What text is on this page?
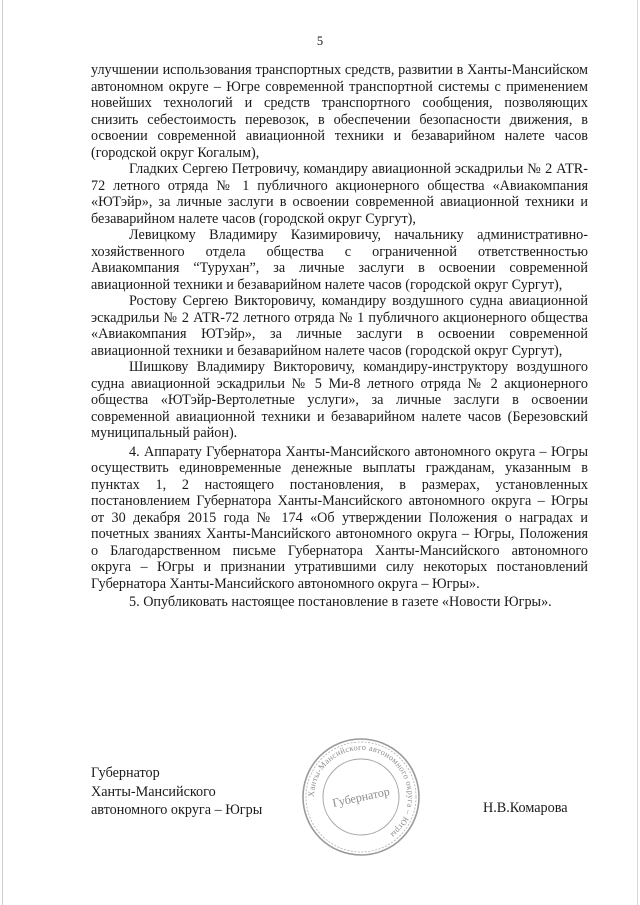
5

улучшении использования транспортных средств, развитии в Ханты-Мансийском автономном округе – Югре современной транспортной системы с применением новейших технологий и средств транспортного сообщения, позволяющих снизить себестоимость перевозок, в обеспечении безопасности движения, в освоении современной авиационной техники и безаварийном налете часов (городской округ Когалым),

Гладких Сергею Петровичу, командиру авиационной эскадрильи № 2 АТR-72 летного отряда № 1 публичного акционерного общества «Авиакомпания «ЮТэйр», за личные заслуги в освоении современной авиационной техники и безаварийном налете часов (городской округ Сургут),

Левицкому Владимиру Казимировичу, начальнику административно-хозяйственного отдела общества с ограниченной ответственностью Авиакомпания “Турухан”, за личные заслуги в освоении современной авиационной техники и безаварийном налете часов (городской округ Сургут),

Ростову Сергею Викторовичу, командиру воздушного судна авиационной эскадрильи № 2 АТR-72 летного отряда № 1 публичного акционерного общества «Авиакомпания ЮТэйр», за личные заслуги в освоении современной авиационной техники и безаварийном налете часов (городской округ Сургут),

Шишкову Владимиру Викторовичу, командиру-инструктору воздушного судна авиационной эскадрильи № 5 Ми-8 летного отряда № 2 акционерного общества «ЮТэйр-Вертолетные услуги», за личные заслуги в освоении современной авиационной техники и безаварийном налете часов (Березовский муниципальный район).

4. Аппарату Губернатора Ханты-Мансийского автономного округа – Югры осуществить единовременные денежные выплаты гражданам, указанным в пунктах 1, 2 настоящего постановления, в размерах, установленных постановлением Губернатора Ханты-Мансийского автономного округа – Югры от 30 декабря 2015 года № 174 «Об утверждении Положения о наградах и почетных званиях Ханты-Мансийского автономного округа – Югры, Положения о Благодарственном письме Губернатора Ханты-Мансийского автономного округа – Югры и признании утратившими силу некоторых постановлений Губернатора Ханты-Мансийского автономного округа – Югры».

5. Опубликовать настоящее постановление в газете «Новости Югры».

Губернатор
Ханты-Мансийского
автономного округа – Югры
Ханты-Мансийского автономного округа – Югры
Губернатор	Н.В.Комарова
